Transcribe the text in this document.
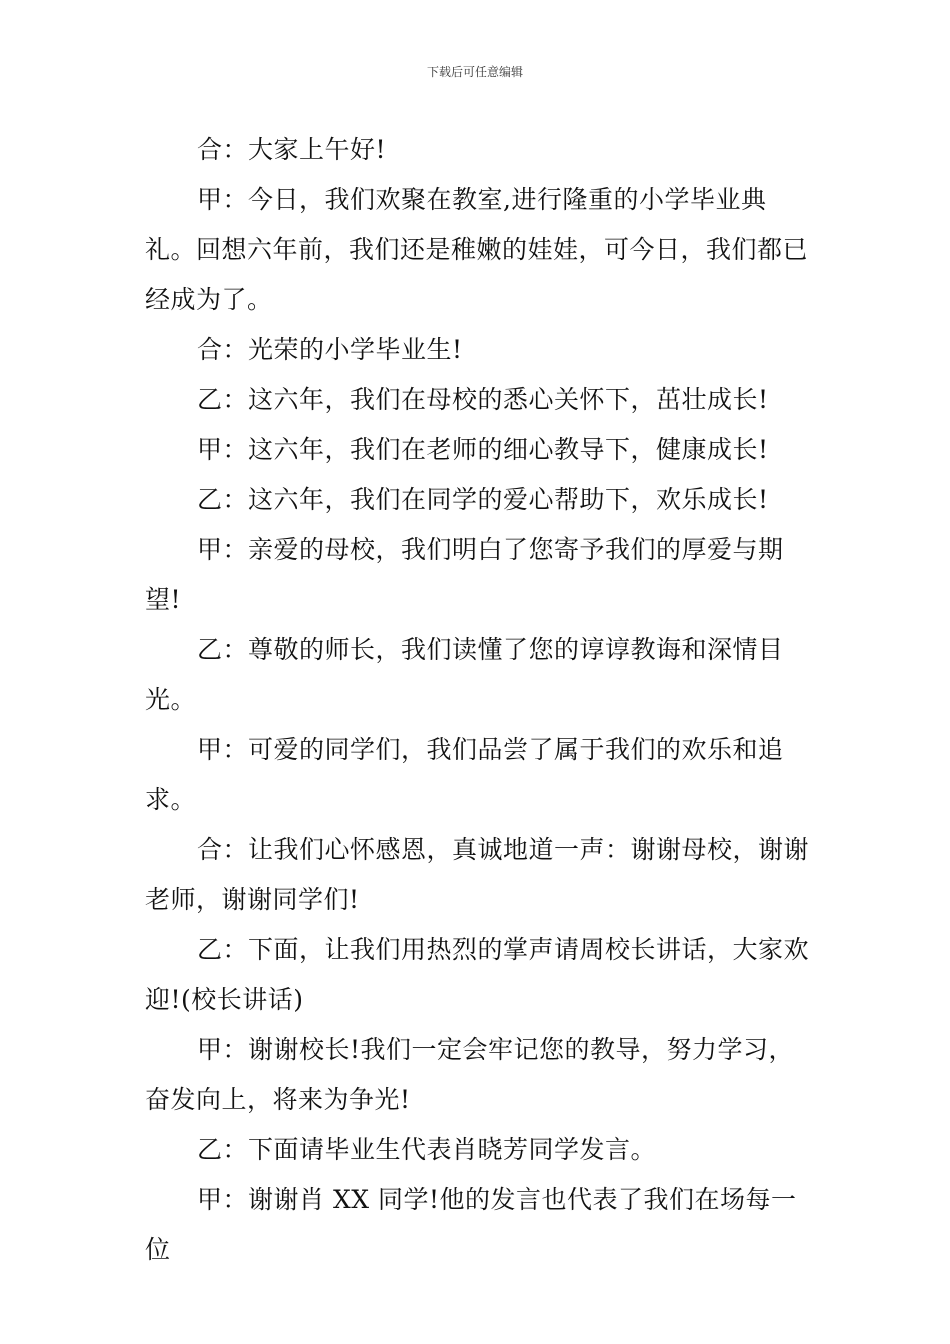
下载后可任意编辑

合：大家上午好!

甲：今日，我们欢聚在教室,进行隆重的小学毕业典礼。回想六年前，我们还是稚嫩的娃娃，可今日，我们都已经成为了。

合：光荣的小学毕业生!

乙：这六年，我们在母校的悉心关怀下，茁壮成长!

甲：这六年，我们在老师的细心教导下，健康成长!

乙：这六年，我们在同学的爱心帮助下，欢乐成长!

甲：亲爱的母校，我们明白了您寄予我们的厚爱与期望!

乙：尊敬的师长，我们读懂了您的谆谆教诲和深情目光。

甲：可爱的同学们，我们品尝了属于我们的欢乐和追求。

合：让我们心怀感恩，真诚地道一声：谢谢母校，谢谢老师，谢谢同学们!

乙：下面，让我们用热烈的掌声请周校长讲话，大家欢迎!(校长讲话)

甲：谢谢校长!我们一定会牢记您的教导，努力学习，奋发向上，将来为争光!

乙：下面请毕业生代表肖晓芳同学发言。

甲：谢谢肖 XX 同学!他的发言也代表了我们在场每一位
